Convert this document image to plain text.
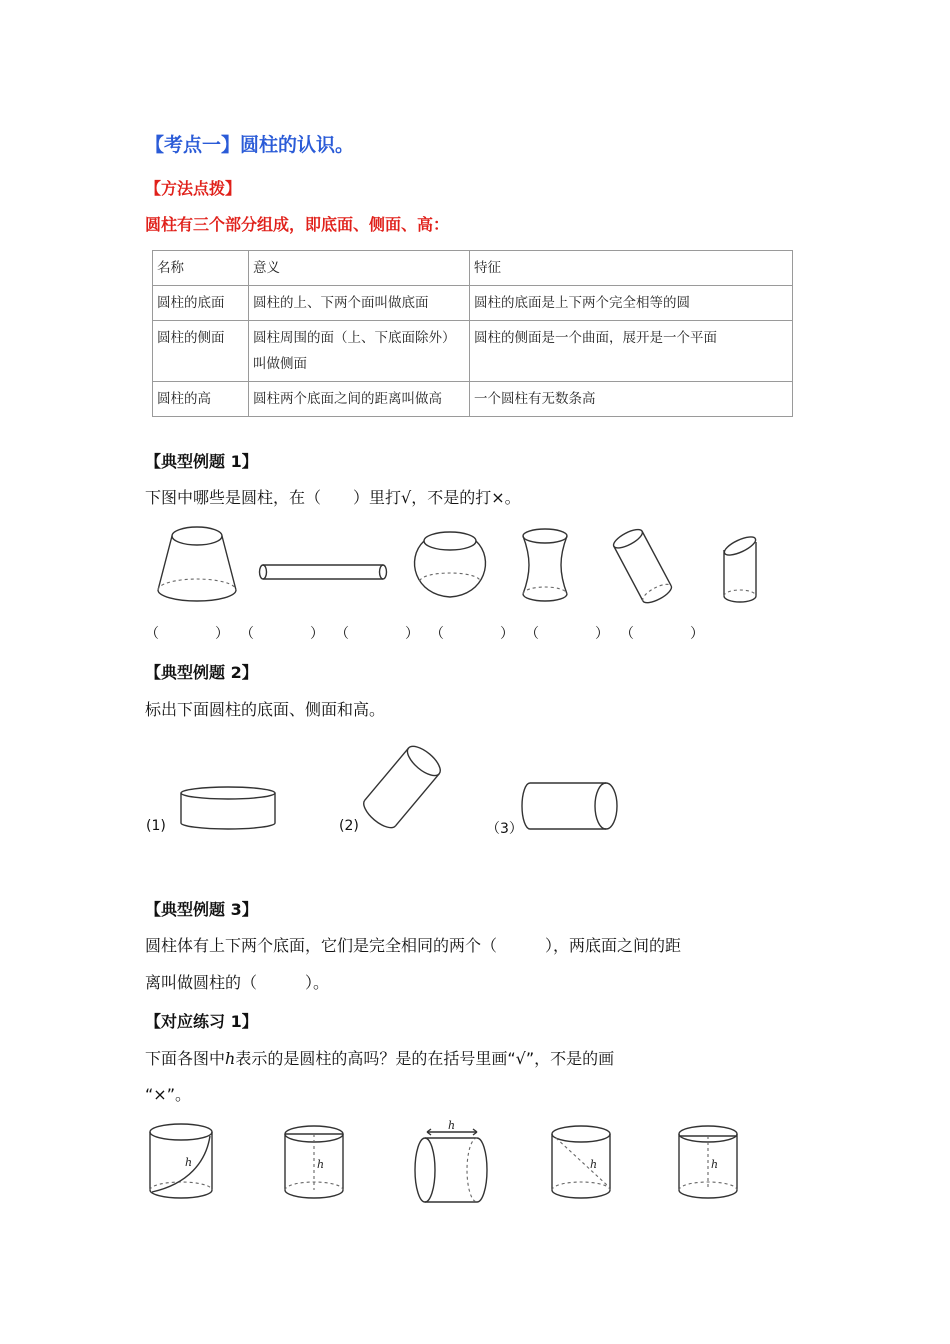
【考点一】圆柱的认识。
【方法点拨】
圆柱有三个部分组成，即底面、侧面、高：
名称	意义	特征
圆柱的底面	圆柱的上、下两个面叫做底面	圆柱的底面是上下两个完全相等的圆
圆柱的侧面	圆柱周围的面（上、下底面除外）叫做侧面	圆柱的侧面是一个曲面，展开是一个平面
圆柱的高	圆柱两个底面之间的距离叫做高	一个圆柱有无数条高
【典型例题 1】
下图中哪些是圆柱，在（　　）里打√，不是的打×。
（　　　　） （　　　　） （　　　　） （　　　　） （　　　　） （　　　　）
【典型例题 2】
标出下面圆柱的底面、侧面和高。
(1)	(2)	（3）
【典型例题 3】
圆柱体有上下两个底面，它们是完全相同的两个（　　　），两底面之间的距
离叫做圆柱的（　　　）。
【对应练习 1】
下面各图中h表示的是圆柱的高吗？是的在括号里画“√”，不是的画
“×”。
h	h
h
h	h
